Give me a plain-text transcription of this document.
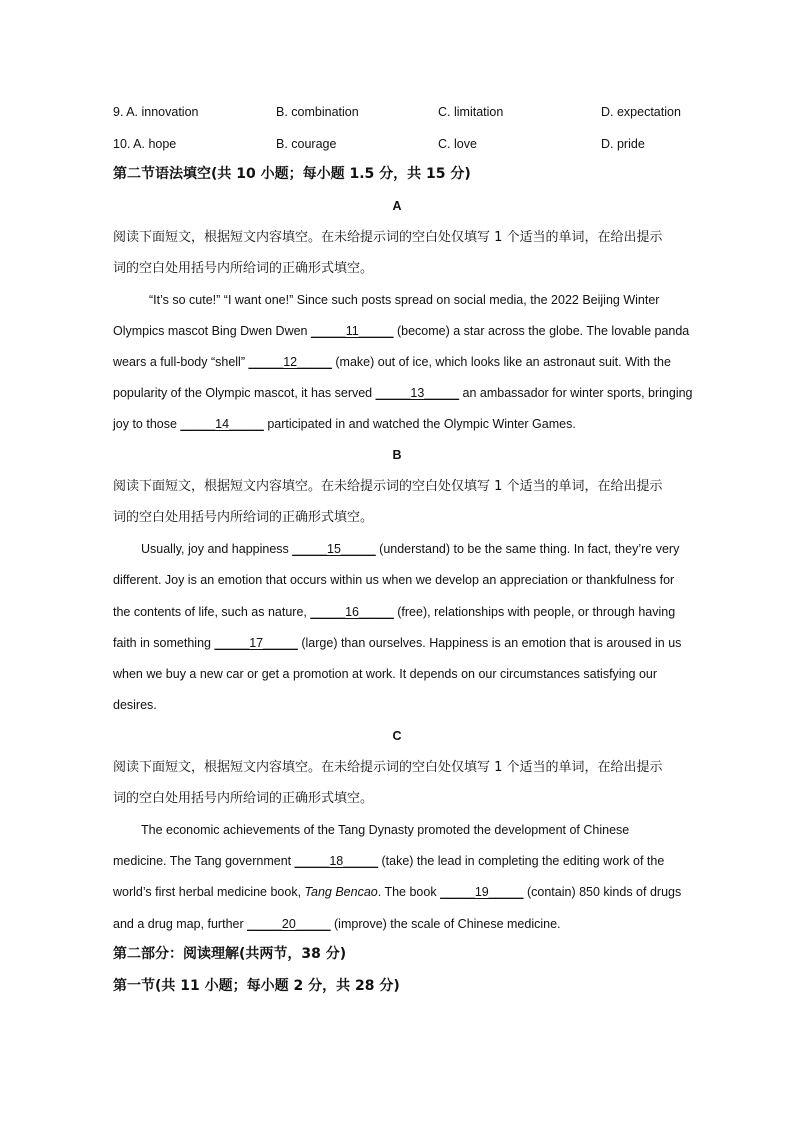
9. A. innovation	B. combination	C. limitation	D. expectation
10. A. hope	B. courage	C. love	D. pride
第二节语法填空(共 10 小题；每小题 1.5 分，共 15 分)
A
阅读下面短文，根据短文内容填空。在未给提示词的空白处仅填写 1 个适当的单词，在给出提示
词的空白处用括号内所给词的正确形式填空。
“It’s so cute!” “I want one!” Since such posts spread on social media, the 2022 Beijing Winter
Olympics mascot Bing Dwen Dwen _____11_____ (become) a star across the globe. The lovable panda
wears a full-body “shell” _____12_____ (make) out of ice, which looks like an astronaut suit. With the
popularity of the Olympic mascot, it has served _____13_____ an ambassador for winter sports, bringing
joy to those _____14_____ participated in and watched the Olympic Winter Games.
B
阅读下面短文，根据短文内容填空。在未给提示词的空白处仅填写 1 个适当的单词，在给出提示
词的空白处用括号内所给词的正确形式填空。
Usually, joy and happiness _____15_____ (understand) to be the same thing. In fact, they’re very
different. Joy is an emotion that occurs within us when we develop an appreciation or thankfulness for
the contents of life, such as nature, _____16_____ (free), relationships with people, or through having
faith in something _____17_____ (large) than ourselves. Happiness is an emotion that is aroused in us
when we buy a new car or get a promotion at work. It depends on our circumstances satisfying our
desires.
C
阅读下面短文，根据短文内容填空。在未给提示词的空白处仅填写 1 个适当的单词，在给出提示
词的空白处用括号内所给词的正确形式填空。
The economic achievements of the Tang Dynasty promoted the development of Chinese
medicine. The Tang government _____18_____ (take) the lead in completing the editing work of the
world’s first herbal medicine book, Tang Bencao. The book _____19_____ (contain) 850 kinds of drugs
and a drug map, further _____20_____ (improve) the scale of Chinese medicine.
第二部分：阅读理解(共两节，38 分)
第一节(共 11 小题；每小题 2 分，共 28 分)
